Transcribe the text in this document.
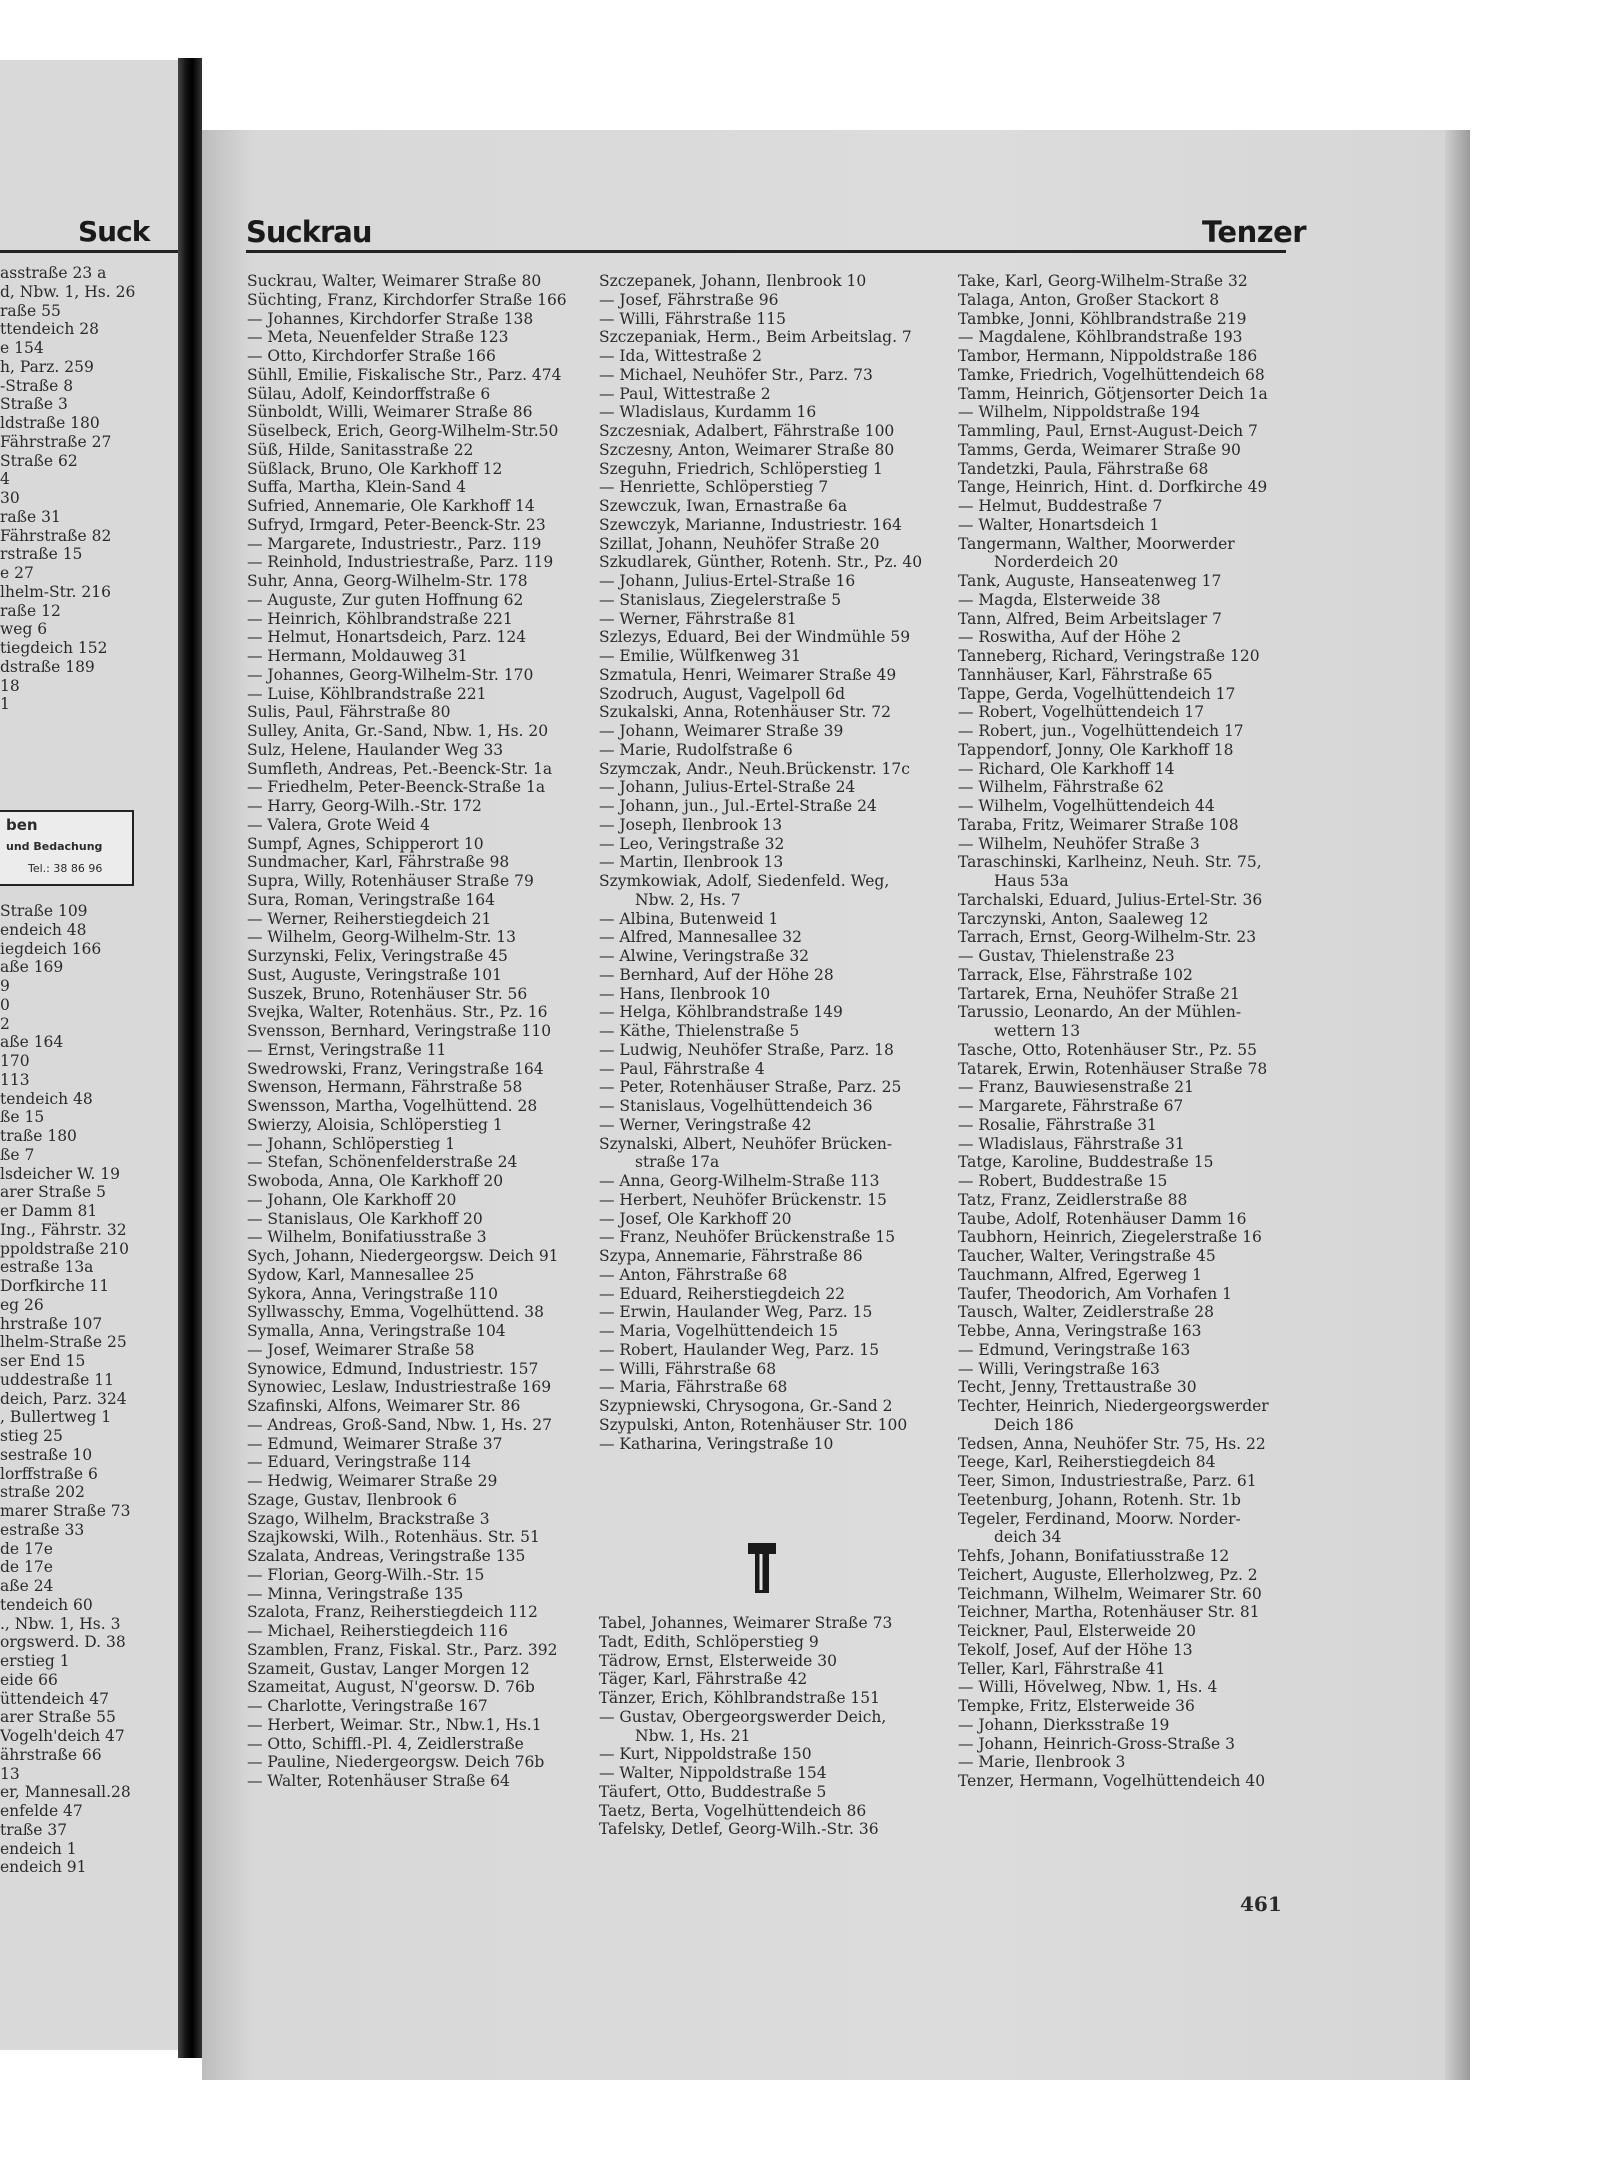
Suck
asstraße 23 a
d, Nbw. 1, Hs. 26
raße 55
ttendeich 28
e 154
h, Parz. 259
-Straße 8
Straße 3
ldstraße 180
Fährstraße 27
Straße 62
4
30
raße 31
Fährstraße 82
rstraße 15
e 27
lhelm-Str. 216
raße 12
weg 6
tiegdeich 152
dstraße 189
18
1
ben
und Bedachung
Tel.: 38 86 96
Straße 109
endeich 48
iegdeich 166
aße 169
9
0
2
aße 164
170
113
tendeich 48
ße 15
traße 180
ße 7
lsdeicher W. 19
arer Straße 5
er Damm 81
Ing., Fährstr. 32
ppoldstraße 210
estraße 13a
Dorfkirche 11
eg 26
hrstraße 107
lhelm-Straße 25
ser End 15
uddestraße 11
deich, Parz. 324
, Bullertweg 1
stieg 25
sestraße 10
lorffstraße 6
straße 202
marer Straße 73
estraße 33
de 17e
de 17e
aße 24
tendeich 60
., Nbw. 1, Hs. 3
orgswerd. D. 38
erstieg 1
eide 66
üttendeich 47
arer Straße 55
Vogelh'deich 47
ährstraße 66
13
er, Mannesall.28
enfelde 47
traße 37
endeich 1
endeich 91
Suckrau	Tenzer
Suckrau, Walter, Weimarer Straße 80
Süchting, Franz, Kirchdorfer Straße 166
— Johannes, Kirchdorfer Straße 138
— Meta, Neuenfelder Straße 123
— Otto, Kirchdorfer Straße 166
Sühll, Emilie, Fiskalische Str., Parz. 474
Sülau, Adolf, Keindorffstraße 6
Sünboldt, Willi, Weimarer Straße 86
Süselbeck, Erich, Georg-Wilhelm-Str.50
Süß, Hilde, Sanitasstraße 22
Süßlack, Bruno, Ole Karkhoff 12
Suffa, Martha, Klein-Sand 4
Sufried, Annemarie, Ole Karkhoff 14
Sufryd, Irmgard, Peter-Beenck-Str. 23
— Margarete, Industriestr., Parz. 119
— Reinhold, Industriestraße, Parz. 119
Suhr, Anna, Georg-Wilhelm-Str. 178
— Auguste, Zur guten Hoffnung 62
— Heinrich, Köhlbrandstraße 221
— Helmut, Honartsdeich, Parz. 124
— Hermann, Moldauweg 31
— Johannes, Georg-Wilhelm-Str. 170
— Luise, Köhlbrandstraße 221
Sulis, Paul, Fährstraße 80
Sulley, Anita, Gr.-Sand, Nbw. 1, Hs. 20
Sulz, Helene, Haulander Weg 33
Sumfleth, Andreas, Pet.-Beenck-Str. 1a
— Friedhelm, Peter-Beenck-Straße 1a
— Harry, Georg-Wilh.-Str. 172
— Valera, Grote Weid 4
Sumpf, Agnes, Schipperort 10
Sundmacher, Karl, Fährstraße 98
Supra, Willy, Rotenhäuser Straße 79
Sura, Roman, Veringstraße 164
— Werner, Reiherstiegdeich 21
— Wilhelm, Georg-Wilhelm-Str. 13
Surzynski, Felix, Veringstraße 45
Sust, Auguste, Veringstraße 101
Suszek, Bruno, Rotenhäuser Str. 56
Svejka, Walter, Rotenhäus. Str., Pz. 16
Svensson, Bernhard, Veringstraße 110
— Ernst, Veringstraße 11
Swedrowski, Franz, Veringstraße 164
Swenson, Hermann, Fährstraße 58
Swensson, Martha, Vogelhüttend. 28
Swierzy, Aloisia, Schlöperstieg 1
— Johann, Schlöperstieg 1
— Stefan, Schönenfelderstraße 24
Swoboda, Anna, Ole Karkhoff 20
— Johann, Ole Karkhoff 20
— Stanislaus, Ole Karkhoff 20
— Wilhelm, Bonifatiusstraße 3
Sych, Johann, Niedergeorgsw. Deich 91
Sydow, Karl, Mannesallee 25
Sykora, Anna, Veringstraße 110
Syllwasschy, Emma, Vogelhüttend. 38
Symalla, Anna, Veringstraße 104
— Josef, Weimarer Straße 58
Synowice, Edmund, Industriestr. 157
Synowiec, Leslaw, Industriestraße 169
Szafinski, Alfons, Weimarer Str. 86
— Andreas, Groß-Sand, Nbw. 1, Hs. 27
— Edmund, Weimarer Straße 37
— Eduard, Veringstraße 114
— Hedwig, Weimarer Straße 29
Szage, Gustav, Ilenbrook 6
Szago, Wilhelm, Brackstraße 3
Szajkowski, Wilh., Rotenhäus. Str. 51
Szalata, Andreas, Veringstraße 135
— Florian, Georg-Wilh.-Str. 15
— Minna, Veringstraße 135
Szalota, Franz, Reiherstiegdeich 112
— Michael, Reiherstiegdeich 116
Szamblen, Franz, Fiskal. Str., Parz. 392
Szameit, Gustav, Langer Morgen 12
Szameitat, August, N'georsw. D. 76b
— Charlotte, Veringstraße 167
— Herbert, Weimar. Str., Nbw.1, Hs.1
— Otto, Schiffl.-Pl. 4, Zeidlerstraße
— Pauline, Niedergeorgsw. Deich 76b
— Walter, Rotenhäuser Straße 64
Szczepanek, Johann, Ilenbrook 10
— Josef, Fährstraße 96
— Willi, Fährstraße 115
Szczepaniak, Herm., Beim Arbeitslag. 7
— Ida, Wittestraße 2
— Michael, Neuhöfer Str., Parz. 73
— Paul, Wittestraße 2
— Wladislaus, Kurdamm 16
Szczesniak, Adalbert, Fährstraße 100
Szczesny, Anton, Weimarer Straße 80
Szeguhn, Friedrich, Schlöperstieg 1
— Henriette, Schlöperstieg 7
Szewczuk, Iwan, Ernastraße 6a
Szewczyk, Marianne, Industriestr. 164
Szillat, Johann, Neuhöfer Straße 20
Szkudlarek, Günther, Rotenh. Str., Pz. 40
— Johann, Julius-Ertel-Straße 16
— Stanislaus, Ziegelerstraße 5
— Werner, Fährstraße 81
Szlezys, Eduard, Bei der Windmühle 59
— Emilie, Wülfkenweg 31
Szmatula, Henri, Weimarer Straße 49
Szodruch, August, Vagelpoll 6d
Szukalski, Anna, Rotenhäuser Str. 72
— Johann, Weimarer Straße 39
— Marie, Rudolfstraße 6
Szymczak, Andr., Neuh.Brückenstr. 17c
— Johann, Julius-Ertel-Straße 24
— Johann, jun., Jul.-Ertel-Straße 24
— Joseph, Ilenbrook 13
— Leo, Veringstraße 32
— Martin, Ilenbrook 13
Szymkowiak, Adolf, Siedenfeld. Weg,
Nbw. 2, Hs. 7
— Albina, Butenweid 1
— Alfred, Mannesallee 32
— Alwine, Veringstraße 32
— Bernhard, Auf der Höhe 28
— Hans, Ilenbrook 10
— Helga, Köhlbrandstraße 149
— Käthe, Thielenstraße 5
— Ludwig, Neuhöfer Straße, Parz. 18
— Paul, Fährstraße 4
— Peter, Rotenhäuser Straße, Parz. 25
— Stanislaus, Vogelhüttendeich 36
— Werner, Veringstraße 42
Szynalski, Albert, Neuhöfer Brücken-
straße 17a
— Anna, Georg-Wilhelm-Straße 113
— Herbert, Neuhöfer Brückenstr. 15
— Josef, Ole Karkhoff 20
— Franz, Neuhöfer Brückenstraße 15
Szypa, Annemarie, Fährstraße 86
— Anton, Fährstraße 68
— Eduard, Reiherstiegdeich 22
— Erwin, Haulander Weg, Parz. 15
— Maria, Vogelhüttendeich 15
— Robert, Haulander Weg, Parz. 15
— Willi, Fährstraße 68
— Maria, Fährstraße 68
Szypniewski, Chrysogona, Gr.-Sand 2
Szypulski, Anton, Rotenhäuser Str. 100
— Katharina, Veringstraße 10
T
Tabel, Johannes, Weimarer Straße 73
Tadt, Edith, Schlöperstieg 9
Tädrow, Ernst, Elsterweide 30
Täger, Karl, Fährstraße 42
Tänzer, Erich, Köhlbrandstraße 151
— Gustav, Obergeorgswerder Deich,
Nbw. 1, Hs. 21
— Kurt, Nippoldstraße 150
— Walter, Nippoldstraße 154
Täufert, Otto, Buddestraße 5
Taetz, Berta, Vogelhüttendeich 86
Tafelsky, Detlef, Georg-Wilh.-Str. 36
Take, Karl, Georg-Wilhelm-Straße 32
Talaga, Anton, Großer Stackort 8
Tambke, Jonni, Köhlbrandstraße 219
— Magdalene, Köhlbrandstraße 193
Tambor, Hermann, Nippoldstraße 186
Tamke, Friedrich, Vogelhüttendeich 68
Tamm, Heinrich, Götjensorter Deich 1a
— Wilhelm, Nippoldstraße 194
Tammling, Paul, Ernst-August-Deich 7
Tamms, Gerda, Weimarer Straße 90
Tandetzki, Paula, Fährstraße 68
Tange, Heinrich, Hint. d. Dorfkirche 49
— Helmut, Buddestraße 7
— Walter, Honartsdeich 1
Tangermann, Walther, Moorwerder
Norderdeich 20
Tank, Auguste, Hanseatenweg 17
— Magda, Elsterweide 38
Tann, Alfred, Beim Arbeitslager 7
— Roswitha, Auf der Höhe 2
Tanneberg, Richard, Veringstraße 120
Tannhäuser, Karl, Fährstraße 65
Tappe, Gerda, Vogelhüttendeich 17
— Robert, Vogelhüttendeich 17
— Robert, jun., Vogelhüttendeich 17
Tappendorf, Jonny, Ole Karkhoff 18
— Richard, Ole Karkhoff 14
— Wilhelm, Fährstraße 62
— Wilhelm, Vogelhüttendeich 44
Taraba, Fritz, Weimarer Straße 108
— Wilhelm, Neuhöfer Straße 3
Taraschinski, Karlheinz, Neuh. Str. 75,
Haus 53a
Tarchalski, Eduard, Julius-Ertel-Str. 36
Tarczynski, Anton, Saaleweg 12
Tarrach, Ernst, Georg-Wilhelm-Str. 23
— Gustav, Thielenstraße 23
Tarrack, Else, Fährstraße 102
Tartarek, Erna, Neuhöfer Straße 21
Tarussio, Leonardo, An der Mühlen-
wettern 13
Tasche, Otto, Rotenhäuser Str., Pz. 55
Tatarek, Erwin, Rotenhäuser Straße 78
— Franz, Bauwiesenstraße 21
— Margarete, Fährstraße 67
— Rosalie, Fährstraße 31
— Wladislaus, Fährstraße 31
Tatge, Karoline, Buddestraße 15
— Robert, Buddestraße 15
Tatz, Franz, Zeidlerstraße 88
Taube, Adolf, Rotenhäuser Damm 16
Taubhorn, Heinrich, Ziegelerstraße 16
Taucher, Walter, Veringstraße 45
Tauchmann, Alfred, Egerweg 1
Taufer, Theodorich, Am Vorhafen 1
Tausch, Walter, Zeidlerstraße 28
Tebbe, Anna, Veringstraße 163
— Edmund, Veringstraße 163
— Willi, Veringstraße 163
Techt, Jenny, Trettaustraße 30
Techter, Heinrich, Niedergeorgswerder
Deich 186
Tedsen, Anna, Neuhöfer Str. 75, Hs. 22
Teege, Karl, Reiherstiegdeich 84
Teer, Simon, Industriestraße, Parz. 61
Teetenburg, Johann, Rotenh. Str. 1b
Tegeler, Ferdinand, Moorw. Norder-
deich 34
Tehfs, Johann, Bonifatiusstraße 12
Teichert, Auguste, Ellerholzweg, Pz. 2
Teichmann, Wilhelm, Weimarer Str. 60
Teichner, Martha, Rotenhäuser Str. 81
Teickner, Paul, Elsterweide 20
Tekolf, Josef, Auf der Höhe 13
Teller, Karl, Fährstraße 41
— Willi, Hövelweg, Nbw. 1, Hs. 4
Tempke, Fritz, Elsterweide 36
— Johann, Dierksstraße 19
— Johann, Heinrich-Gross-Straße 3
— Marie, Ilenbrook 3
Tenzer, Hermann, Vogelhüttendeich 40
461
